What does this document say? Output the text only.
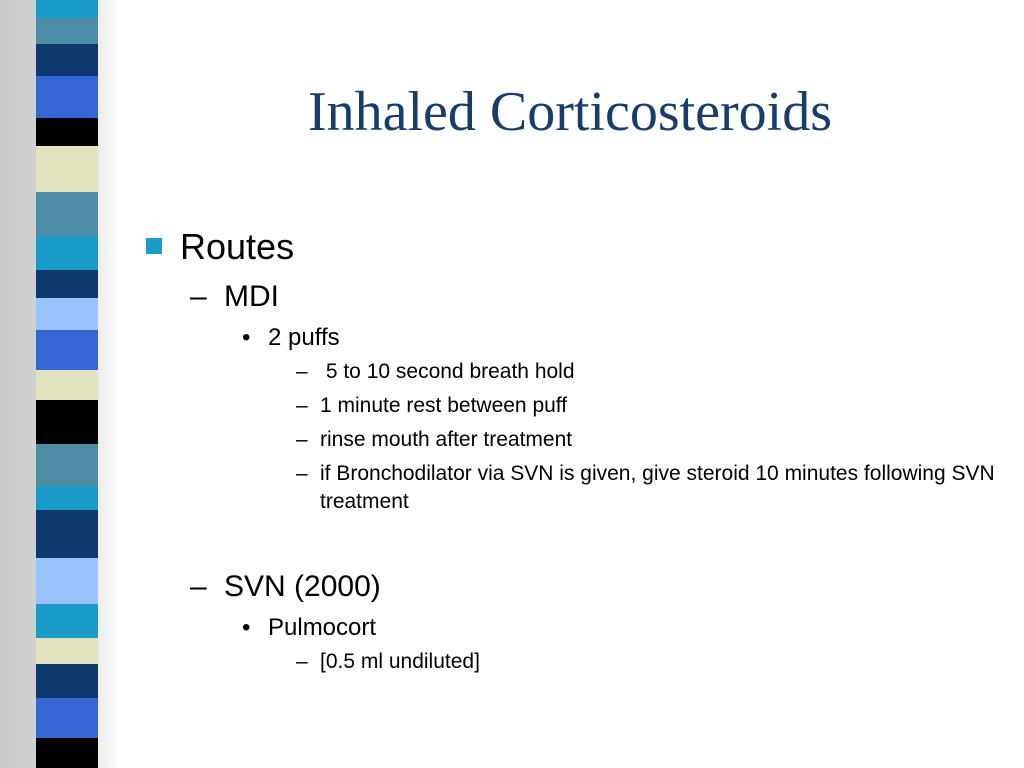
Inhaled Corticosteroids
Routes
– MDI
• 2 puffs
– 5 to 10 second breath hold
– 1 minute rest between puff
– rinse mouth after treatment
– if Bronchodilator via SVN is given, give steroid 10 minutes following SVN treatment
– SVN (2000)
• Pulmocort
– [0.5 ml undiluted]
